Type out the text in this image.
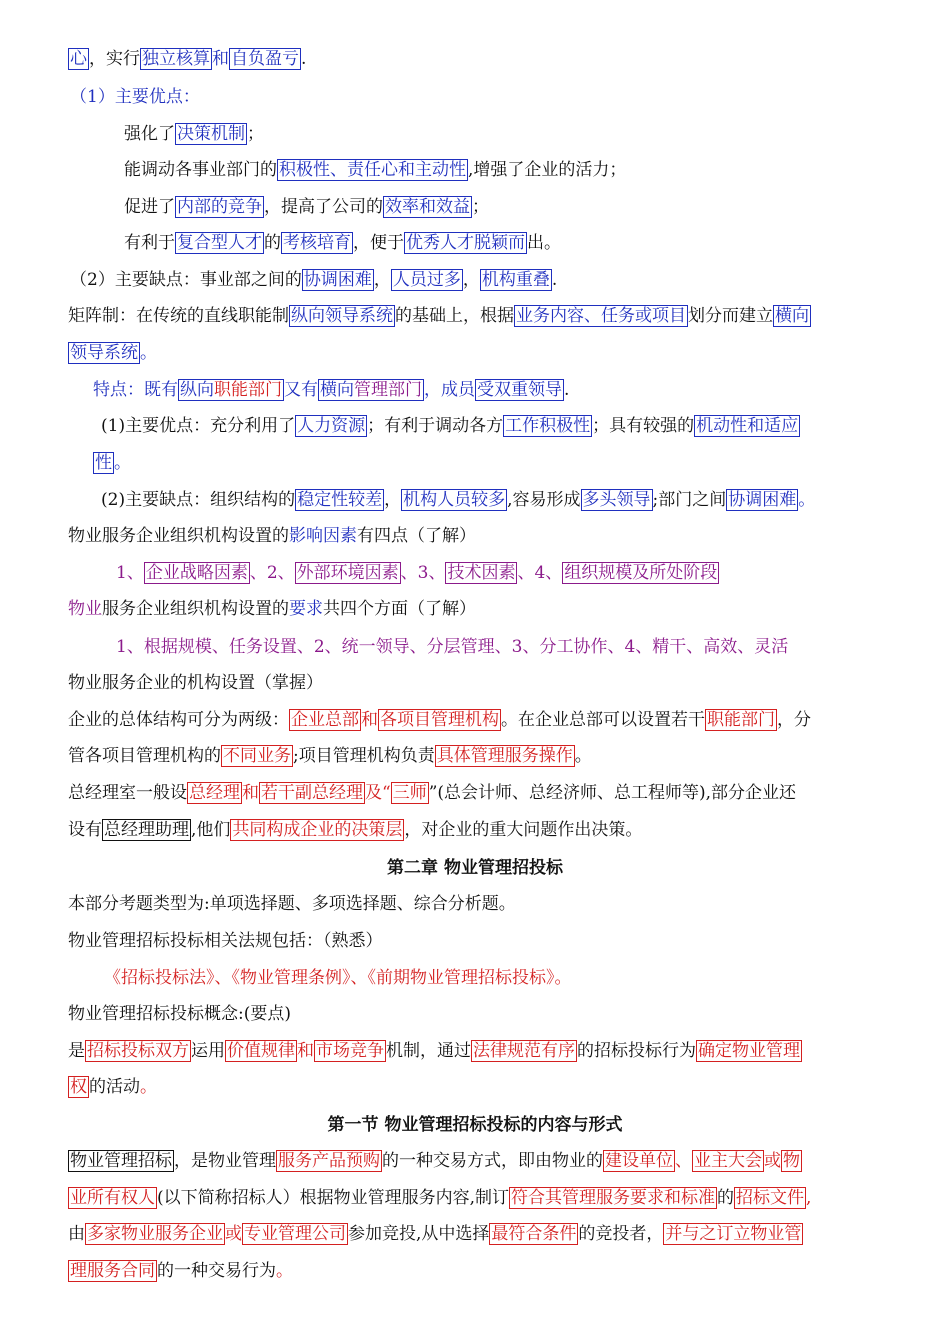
心 ，实行 独立核算 和 自负盈亏 .
（1）主要优点：
强化了 决策机制 ；
能调动各事业部门的 积极性、责任心和主动性 ,增强了企业的活力；
促进了 内部的竞争 ，提高了公司的 效率和效益 ；
有利于 复合型人才 的 考核培育 ，便于 优秀人才脱颖而 出。
（2）主要缺点：事业部之间的 协调困难 ， 人员过多 ， 机构重叠 .
矩阵制：在传统的直线职能制 纵向领导系统 的基础上，根据 业务内容、任务或项目 划分而建立 横向
领导系统 。
特点：既有 纵向职能部门 又有 横向管理部门 ，成员 受双重领导 .
(1)主要优点：充分利用了 人力资源 ；有利于调动各方 工作积极性 ；具有较强的 机动性和适应
性 。
(2)主要缺点：组织结构的 稳定性较差 ， 机构人员较多 ,容易形成 多头领导 ;部门之间 协调困难 。
物业服务企业组织机构设置的影响因素有四点（了解）
1、 企业战略因素 、2、 外部环境因素 、3、 技术因素 、4、 组织规模及所处阶段
物业服务企业组织机构设置的要求共四个方面（了解）
1、根据规模、任务设置、2、统一领导、分层管理、3、分工协作、4、精干、高效、灵活
物业服务企业的机构设置（掌握）
企业的总体结构可分为两级： 企业总部 和 各项目管理机构 。在企业总部可以设置若干 职能部门 ，分
管各项目管理机构的 不同业务 ;项目管理机构负责 具体管理服务操作 。
总经理室一般设 总经理 和 若干副总经理 及“ 三师 ”(总会计师、总经济师、总工程师等),部分企业还
设有 总经理助理 ,他们 共同构成企业的决策层 ，对企业的重大问题作出决策。
第二章 物业管理招投标
本部分考题类型为:单项选择题、多项选择题、综合分析题。
物业管理招标投标相关法规包括：（熟悉）
《招标投标法》、《物业管理条例》、《前期物业管理招标投标》。
物业管理招标投标概念:(要点)
是 招标投标双方 运用 价值规律 和 市场竞争 机制，通过 法律规范有序 的招标投标行为 确定物业管理
权 的活动。
第一节 物业管理招标投标的内容与形式
物业管理招标 ，是物业管理 服务产品预购 的一种交易方式，即由物业的 建设单位 、 业主大会 或 物
业所有权人 (以下简称招标人）根据物业管理服务内容,制订 符合其管理服务要求和标准 的 招标文件 ,
由 多家物业服务企业 或 专业管理公司 参加竞投,从中选择 最符合条件 的竞投者， 并与之订立物业管
理服务合同 的一种交易行为。
